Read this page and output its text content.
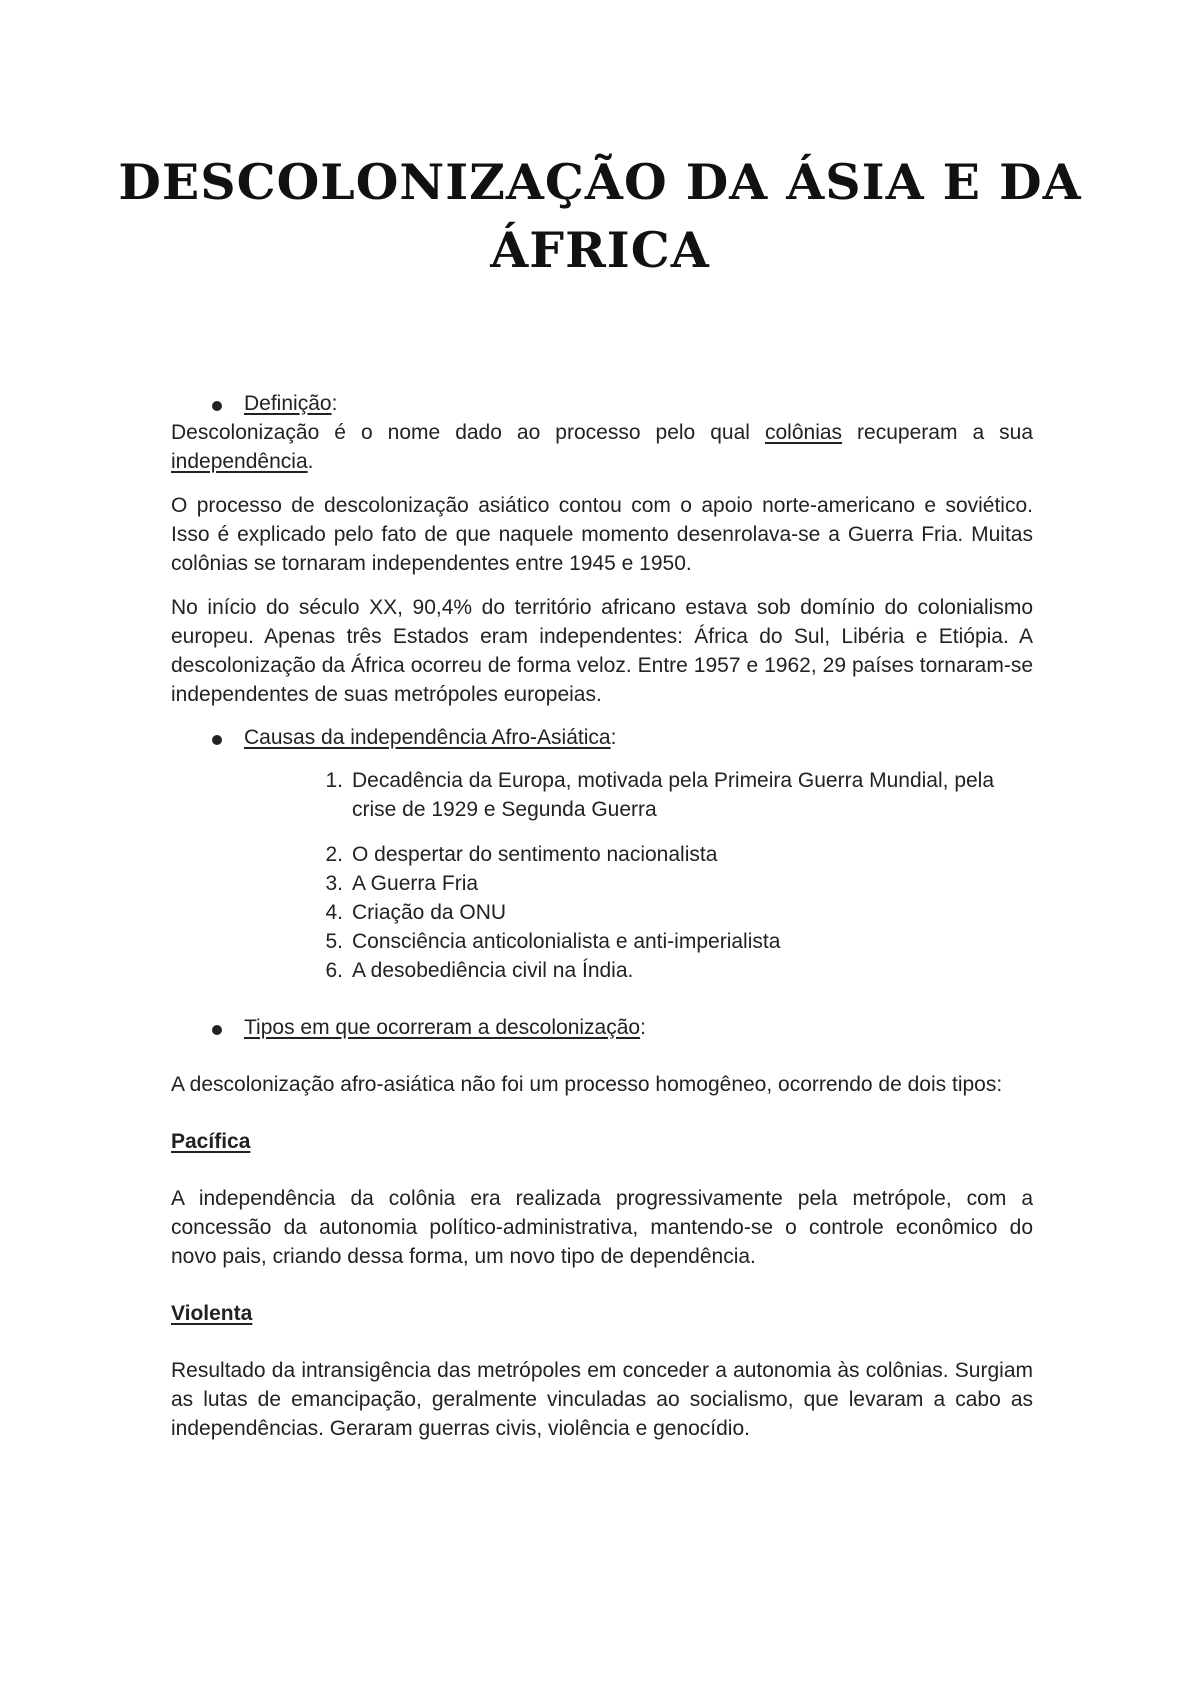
DESCOLONIZAÇÃO DA ÁSIA E DA ÁFRICA
Definição:

Descolonização é o nome dado ao processo pelo qual colônias recuperam a sua independência.

O processo de descolonização asiático contou com o apoio norte-americano e soviético. Isso é explicado pelo fato de que naquele momento desenrolava-se a Guerra Fria. Muitas colônias se tornaram independentes entre 1945 e 1950.

No início do século XX, 90,4% do território africano estava sob domínio do colonialismo europeu. Apenas três Estados eram independentes: África do Sul, Libéria e Etiópia. A descolonização da África ocorreu de forma veloz. Entre 1957 e 1962, 29 países tornaram-se independentes de suas metrópoles europeias.

Causas da independência Afro-Asiática:
1. Decadência da Europa, motivada pela Primeira Guerra Mundial, pela crise de 1929 e Segunda Guerra
2. O despertar do sentimento nacionalista
3. A Guerra Fria
4. Criação da ONU
5. Consciência anticolonialista e anti-imperialista
6. A desobediência civil na Índia.
Tipos em que ocorreram a descolonização:

A descolonização afro-asiática não foi um processo homogêneo, ocorrendo de dois tipos:

Pacífica

A independência da colônia era realizada progressivamente pela metrópole, com a concessão da autonomia político-administrativa, mantendo-se o controle econômico do novo pais, criando dessa forma, um novo tipo de dependência.

Violenta

Resultado da intransigência das metrópoles em conceder a autonomia às colônias. Surgiam as lutas de emancipação, geralmente vinculadas ao socialismo, que levaram a cabo as independências. Geraram guerras civis, violência e genocídio.
